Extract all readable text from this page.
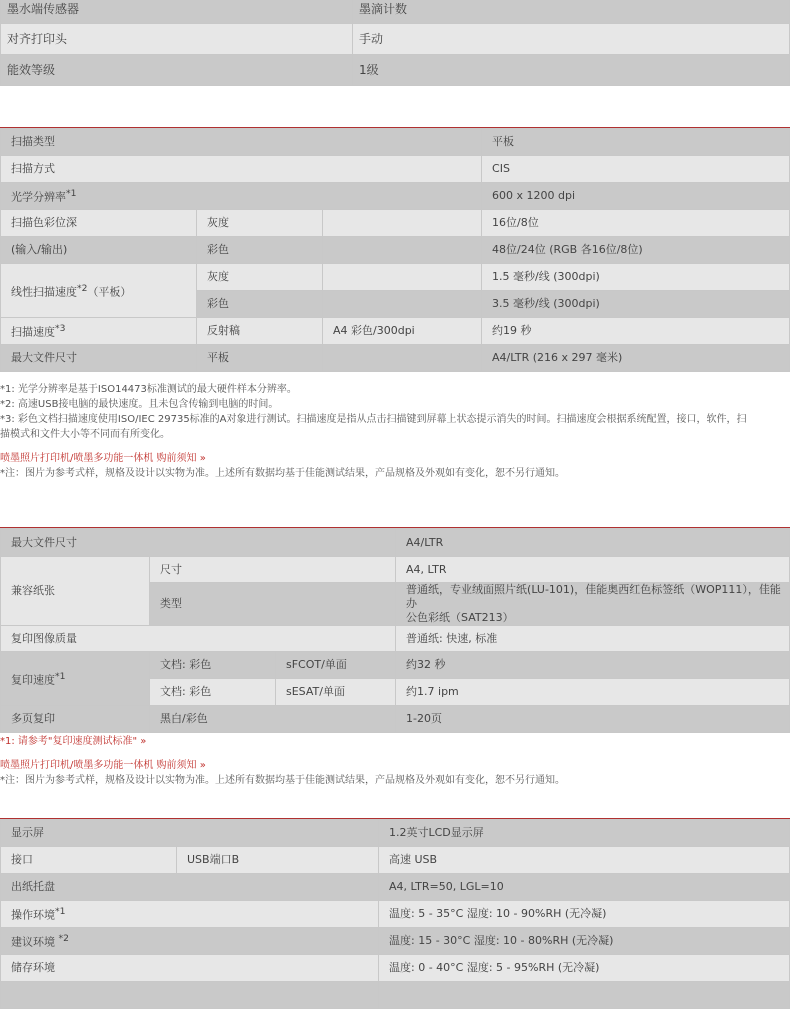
墨水端传感器	墨滴计数
对齐打印头	手动
能效等级	1级
扫描类型			平板
扫描方式			CIS
光学分辨率$^{*1}$			600 x 1200 dpi
扫描色彩位深	灰度		16位/8位
(输入/输出)	彩色		48位/24位 (RGB 各16位/8位)
线性扫描速度$^{*2}$（平板）	灰度		1.5 毫秒/线 (300dpi)
	彩色		3.5 毫秒/线 (300dpi)
扫描速度$^{*3}$	反射稿	A4 彩色/300dpi	约19 秒
最大文件尺寸	平板		A4/LTR (216 x 297 毫米)
*1: 光学分辨率是基于ISO14473标准测试的最大硬件样本分辨率。
*2: 高速USB接电脑的最快速度。且未包含传输到电脑的时间。
*3: 彩色文档扫描速度使用ISO/IEC 29735标准的A对象进行测试。扫描速度是指从点击扫描键到屏幕上状态提示消失的时间。扫描速度会根据系统配置，接口，软件，扫
描模式和文件大小等不同而有所变化。
喷墨照片打印机/喷墨多功能一体机 购前须知 »
*注：图片为参考式样，规格及设计以实物为准。上述所有数据均基于佳能测试结果，产品规格及外观如有变化，恕不另行通知。
最大文件尺寸			A4/LTR
兼容纸张	尺寸		A4, LTR
	类型		普通纸，专业绒面照片纸(LU-101)，佳能奥西红色标签纸（WOP111），佳能办
公色彩纸（SAT213）
复印图像质量			普通纸: 快速, 标准
复印速度$^{*1}$	文档: 彩色	sFCOT/单面	约32 秒
	文档: 彩色	sESAT/单面	约1.7 ipm
多页复印	黑白/彩色		1-20页
*1: 请参考"复印速度测试标准" »
喷墨照片打印机/喷墨多功能一体机 购前须知 »
*注：图片为参考式样，规格及设计以实物为准。上述所有数据均基于佳能测试结果，产品规格及外观如有变化，恕不另行通知。
显示屏		1.2英寸LCD显示屏
接口	USB端口B	高速 USB
出纸托盘		A4, LTR=50, LGL=10
操作环境$^{*1}$		温度: 5 - 35°C 湿度: 10 - 90%RH (无冷凝)
建议环境 $^{*2}$		温度: 15 - 30°C 湿度: 10 - 80%RH (无冷凝)
储存环境		温度: 0 - 40°C 湿度: 5 - 95%RH (无冷凝)
